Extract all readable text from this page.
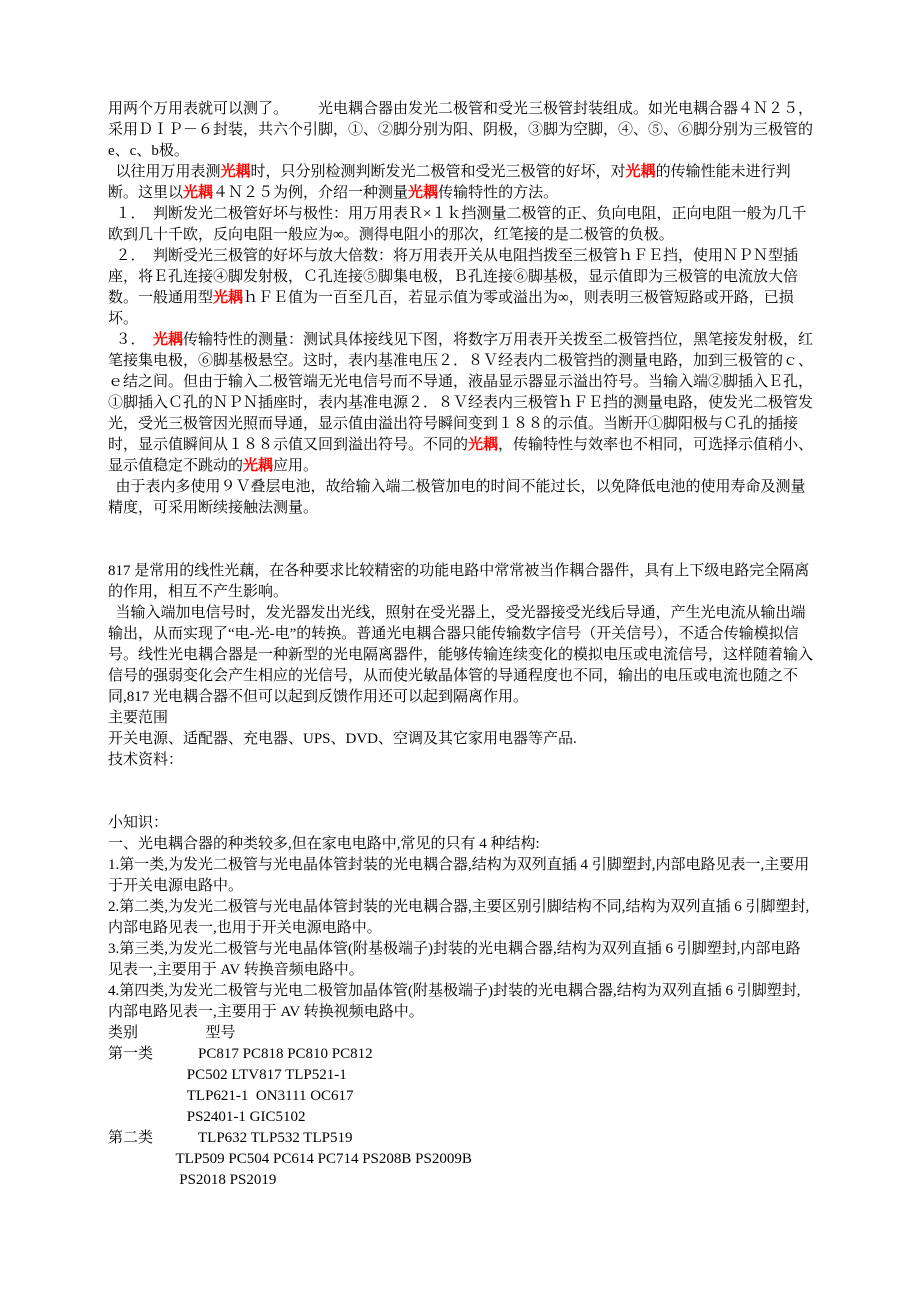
用两个万用表就可以测了。        光电耦合器由发光二极管和受光三极管封装组成。如光电耦合器４Ｎ２５，采用ＤＩＰ－６封装，共六个引脚，①、②脚分别为阳、阴极，③脚为空脚，④、⑤、⑥脚分别为三极管的e、c、b极。

以往用万用表测光耦时，只分别检测判断发光二极管和受光三极管的好坏，对光耦的传输性能未进行判断。这里以光耦４Ｎ２５为例，介绍一种测量光耦传输特性的方法。

１．  判断发光二极管好坏与极性：用万用表Ｒ×１ｋ挡测量二极管的正、负向电阻，正向电阻一般为几千欧到几十千欧，反向电阻一般应为∞。测得电阻小的那次，红笔接的是二极管的负极。

２．  判断受光三极管的好坏与放大倍数：将万用表开关从电阻挡拨至三极管ｈＦＥ挡，使用ＮＰＮ型插座，将Ｅ孔连接④脚发射极，Ｃ孔连接⑤脚集电极，Ｂ孔连接⑥脚基极，显示值即为三极管的电流放大倍数。一般通用型光耦ｈＦＥ值为一百至几百，若显示值为零或溢出为∞，则表明三极管短路或开路，已损坏。

３．  光耦传输特性的测量：测试具体接线见下图，将数字万用表开关拨至二极管挡位，黑笔接发射极，红笔接集电极，⑥脚基极悬空。这时，表内基准电压２．８Ｖ经表内二极管挡的测量电路，加到三极管的ｃ、ｅ结之间。但由于输入二极管端无光电信号而不导通，液晶显示器显示溢出符号。当输入端②脚插入Ｅ孔，①脚插入Ｃ孔的ＮＰＮ插座时，表内基准电源２．８Ｖ经表内三极管ｈＦＥ挡的测量电路，使发光二极管发光，受光三极管因光照而导通，显示值由溢出符号瞬间变到１８８的示值。当断开①脚阳极与Ｃ孔的插接时，显示值瞬间从１８８示值又回到溢出符号。不同的光耦，传输特性与效率也不相同，可选择示值稍小、显示值稳定不跳动的光耦应用。

由于表内多使用９Ｖ叠层电池，故给输入端二极管加电的时间不能过长，以免降低电池的使用寿命及测量精度，可采用断续接触法测量。

817 是常用的线性光藕，在各种要求比较精密的功能电路中常常被当作耦合器件，具有上下级电路完全隔离的作用，相互不产生影响。

当输入端加电信号时，发光器发出光线，照射在受光器上，受光器接受光线后导通，产生光电流从输出端输出，从而实现了“电-光-电”的转换。普通光电耦合器只能传输数字信号（开关信号），不适合传输模拟信号。线性光电耦合器是一种新型的光电隔离器件，能够传输连续变化的模拟电压或电流信号，这样随着输入信号的强弱变化会产生相应的光信号，从而使光敏晶体管的导通程度也不同，输出的电压或电流也随之不同,817 光电耦合器不但可以起到反馈作用还可以起到隔离作用。

主要范围

开关电源、适配器、充电器、UPS、DVD、空调及其它家用电器等产品.

技术资料：

小知识：

一、光电耦合器的种类较多,但在家电电路中,常见的只有 4 种结构:

1.第一类,为发光二极管与光电晶体管封装的光电耦合器,结构为双列直插 4 引脚塑封,内部电路见表一,主要用于开关电源电路中。

2.第二类,为发光二极管与光电晶体管封装的光电耦合器,主要区别引脚结构不同,结构为双列直插 6 引脚塑封,内部电路见表一,也用于开关电源电路中。

3.第三类,为发光二极管与光电晶体管(附基极端子)封装的光电耦合器,结构为双列直插 6 引脚塑封,内部电路见表一,主要用于 AV 转换音频电路中。

4.第四类,为发光二极管与光电二极管加晶体管(附基极端子)封装的光电耦合器,结构为双列直插 6 引脚塑封,内部电路见表一,主要用于 AV 转换视频电路中。

类别                  型号

第一类            PC817 PC818 PC810 PC812

PC502 LTV817 TLP521-1

TLP621-1  ON3111 OC617

PS2401-1 GIC5102

第二类            TLP632 TLP532 TLP519

TLP509 PC504 PC614 PC714 PS208B PS2009B

PS2018 PS2019
